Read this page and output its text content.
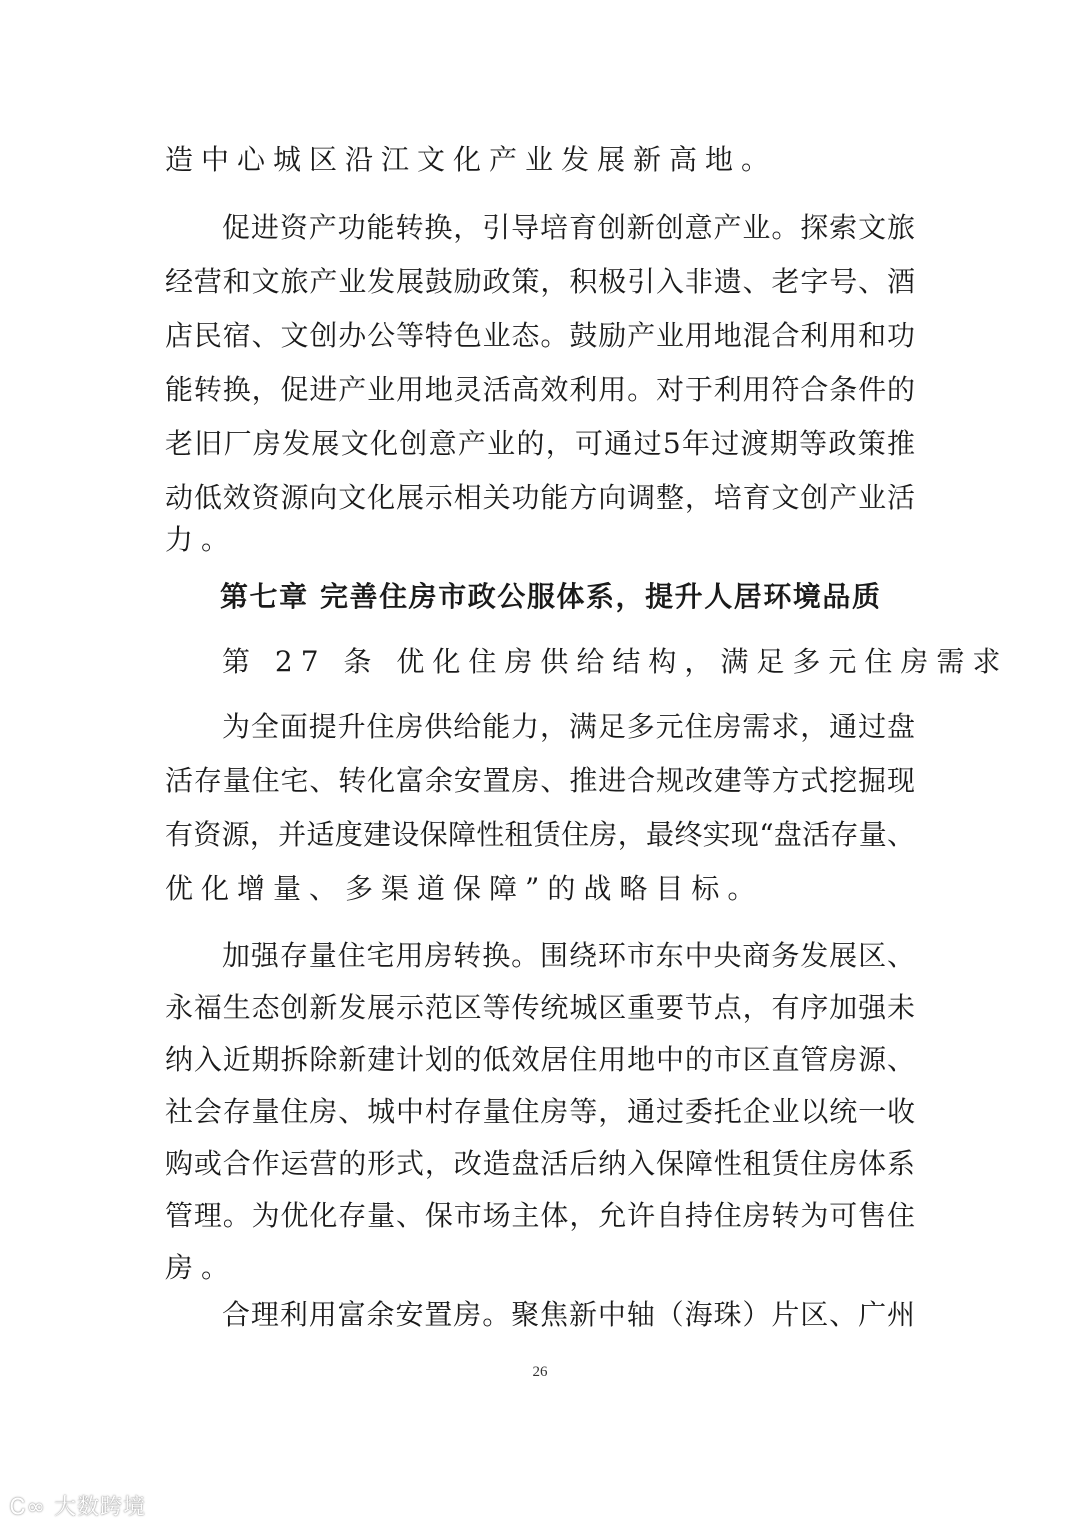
造中心城区沿江文化产业发展新高地。
促进资产功能转换，引导培育创新创意产业。探索文旅
经营和文旅产业发展鼓励政策，积极引入非遗、老字号、酒
店民宿、文创办公等特色业态。鼓励产业用地混合利用和功
能转换，促进产业用地灵活高效利用。对于利用符合条件的
老旧厂房发展文化创意产业的，可通过5年过渡期等政策推
动低效资源向文化展示相关功能方向调整，培育文创产业活
力。
第七章 完善住房市政公服体系，提升人居环境品质
第 27 条 优化住房供给结构，满足多元住房需求
为全面提升住房供给能力，满足多元住房需求，通过盘
活存量住宅、转化富余安置房、推进合规改建等方式挖掘现
有资源，并适度建设保障性租赁住房，最终实现“盘活存量、
优化增量、多渠道保障”的战略目标。
加强存量住宅用房转换。围绕环市东中央商务发展区、
永福生态创新发展示范区等传统城区重要节点，有序加强未
纳入近期拆除新建计划的低效居住用地中的市区直管房源、
社会存量住房、城中村存量住房等，通过委托企业以统一收
购或合作运营的形式，改造盘活后纳入保障性租赁住房体系
管理。为优化存量、保市场主体，允许自持住房转为可售住
房。
合理利用富余安置房。聚焦新中轴（海珠）片区、广州
26
Ꮯ∞ 大数跨境
